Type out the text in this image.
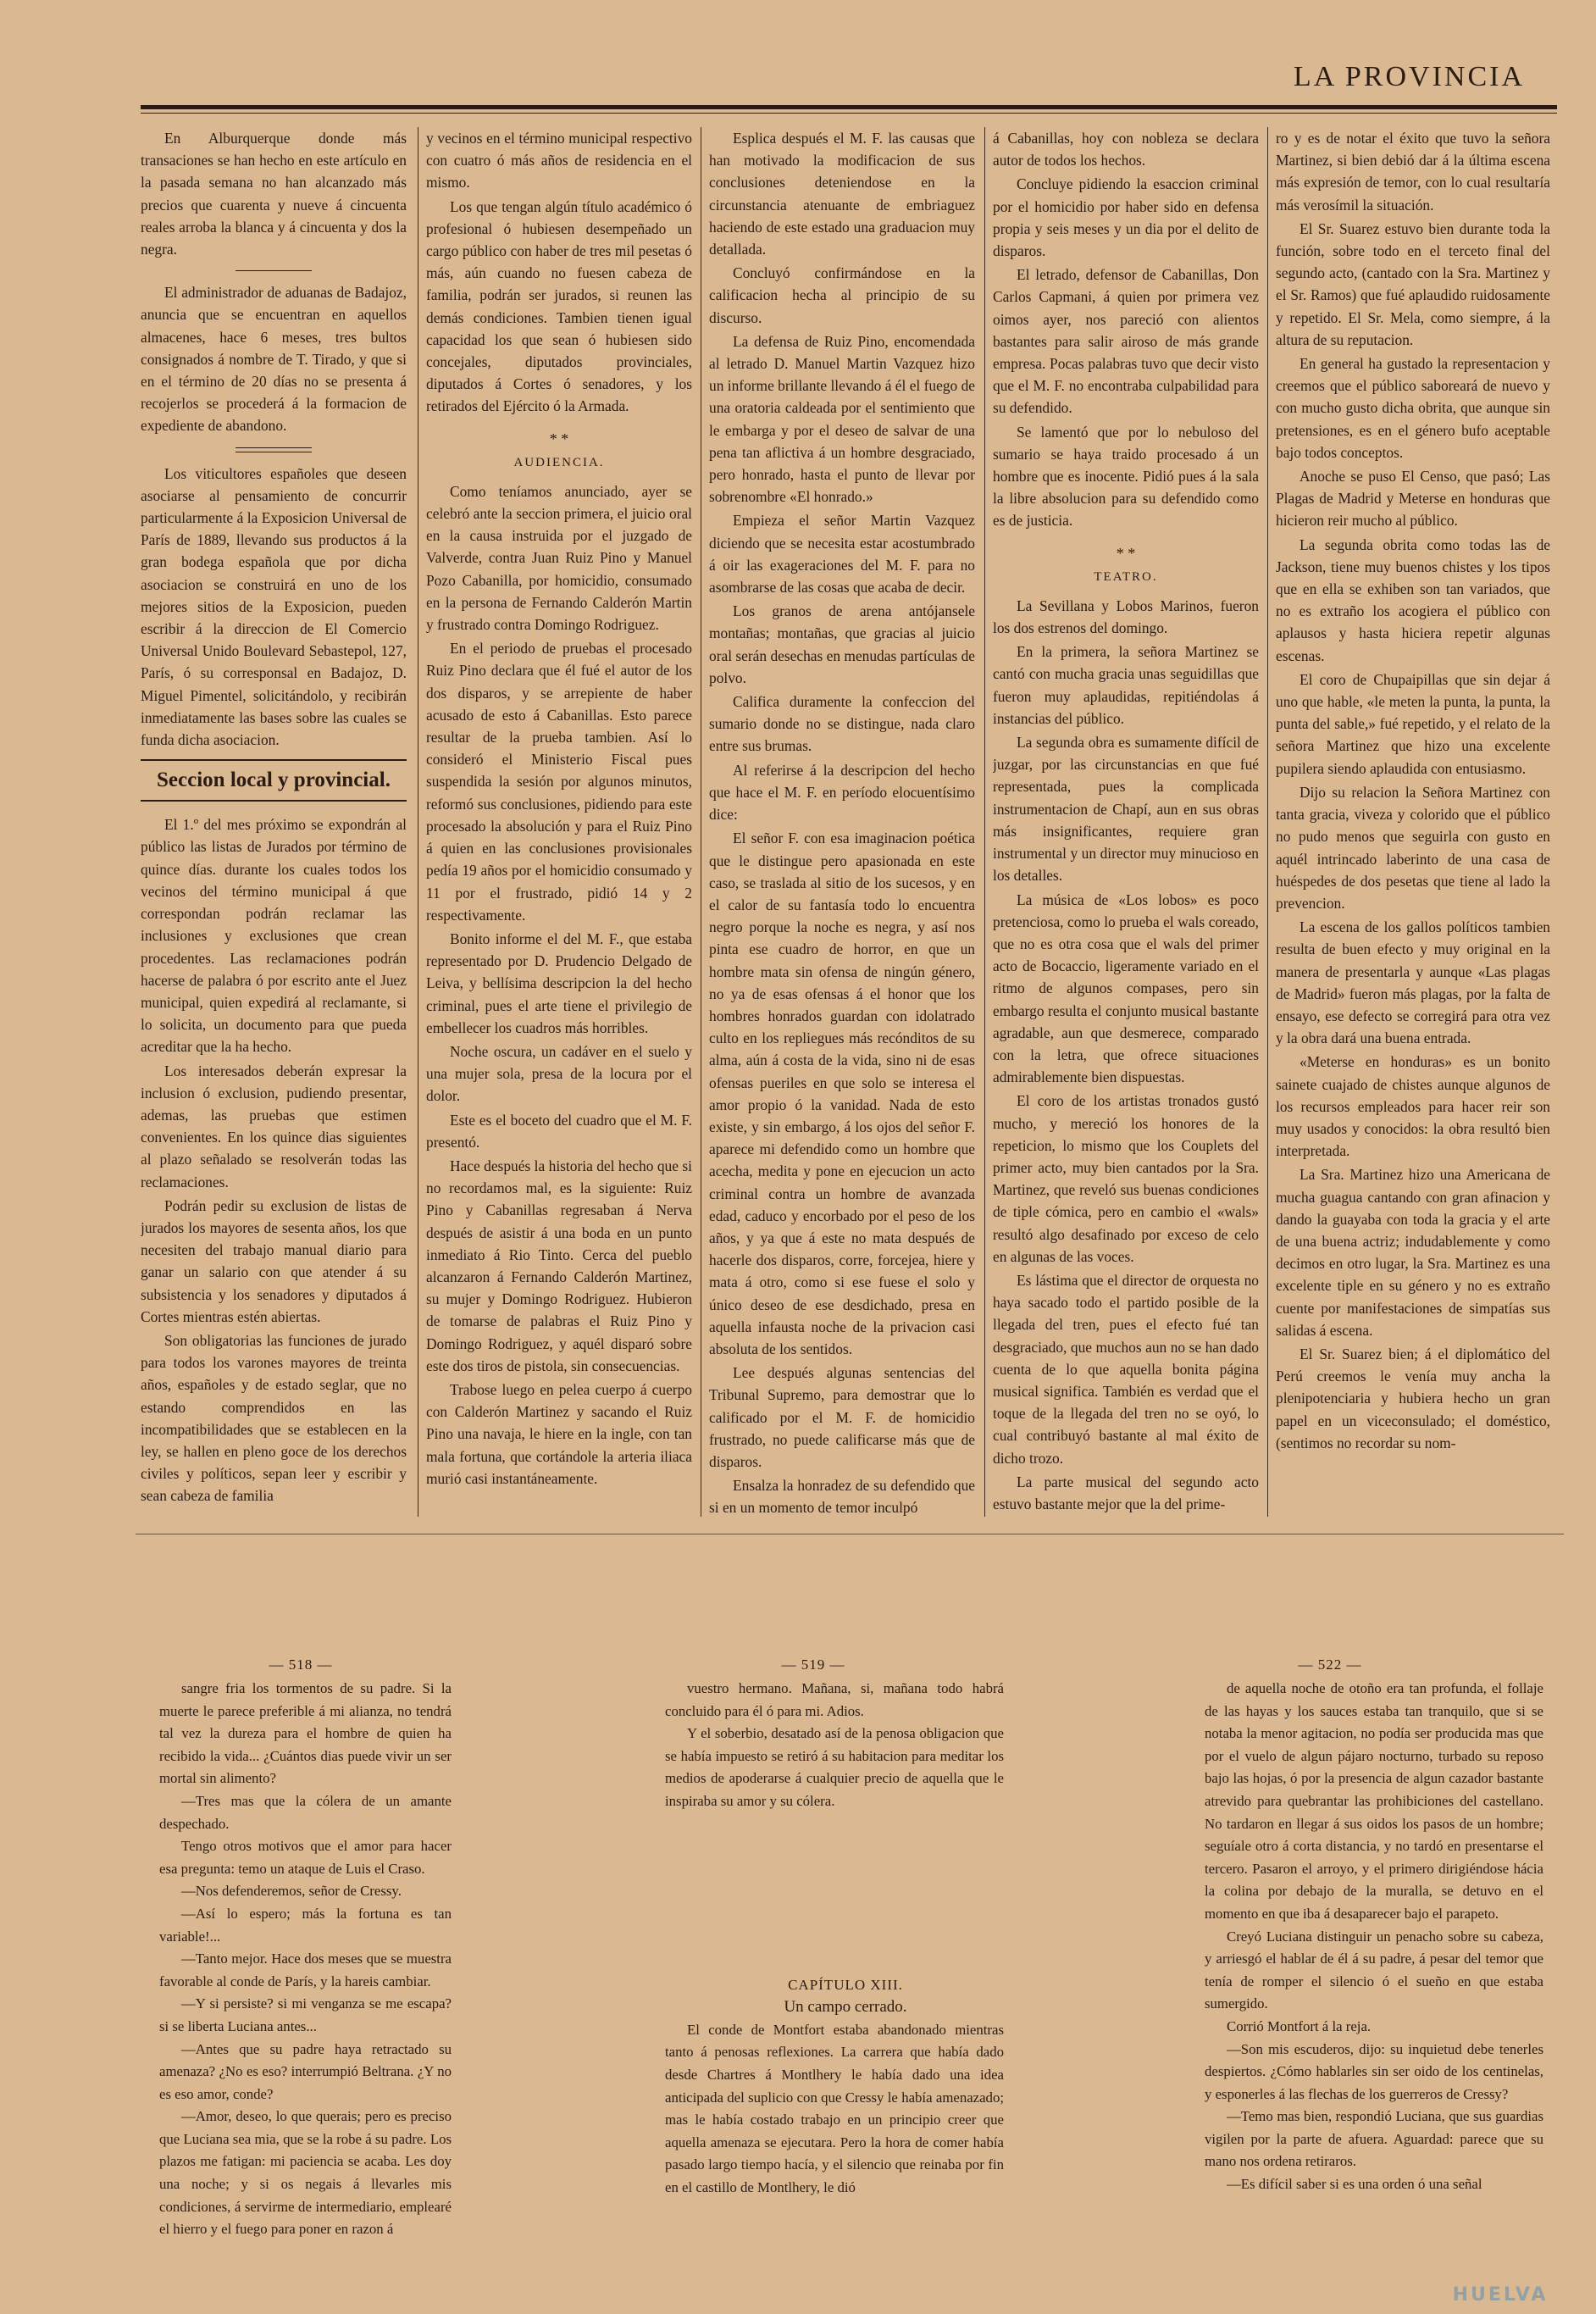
LA PROVINCIA

En Alburquerque donde más transaciones se han hecho en este artículo en la pasada semana no han alcanzado más precios que cuarenta y nueve á cincuenta reales arroba la blanca y á cincuenta y dos la negra.

El administrador de aduanas de Badajoz, anuncia que se encuentran en aquellos almacenes, hace 6 meses, tres bultos consignados á nombre de T. Tirado, y que si en el término de 20 días no se presenta á recojerlos se procederá á la formacion de expediente de abandono.

Los viticultores españoles que deseen asociarse al pensamiento de concurrir particularmente á la Exposicion Universal de París de 1889, llevando sus productos á la gran bodega española que por dicha asociacion se construirá en uno de los mejores sitios de la Exposicion, pueden escribir á la direccion de El Comercio Universal Unido Boulevard Sebastepol, 127, París, ó su corresponsal en Badajoz, D. Miguel Pimentel, solicitándolo, y recibirán inmediatamente las bases sobre las cuales se funda dicha asociacion.

Seccion local y provincial.

El 1.º del mes próximo se expondrán al público las listas de Jurados por término de quince días. durante los cuales todos los vecinos del término municipal á que correspondan podrán reclamar las inclusiones y exclusiones que crean procedentes. Las reclamaciones podrán hacerse de palabra ó por escrito ante el Juez municipal, quien expedirá al reclamante, si lo solicita, un documento para que pueda acreditar que la ha hecho.

Los interesados deberán expresar la inclusion ó exclusion, pudiendo presentar, ademas, las pruebas que estimen convenientes. En los quince dias siguientes al plazo señalado se resolverán todas las reclamaciones.

Podrán pedir su exclusion de listas de jurados los mayores de sesenta años, los que necesiten del trabajo manual diario para ganar un salario con que atender á su subsistencia y los senadores y diputados á Cortes mientras estén abiertas.

Son obligatorias las funciones de jurado para todos los varones mayores de treinta años, españoles y de estado seglar, que no estando comprendidos en las incompatibilidades que se establecen en la ley, se hallen en pleno goce de los derechos civiles y políticos, sepan leer y escribir y sean cabeza de familia

y vecinos en el término municipal respectivo con cuatro ó más años de residencia en el mismo.

Los que tengan algún título académico ó profesional ó hubiesen desempeñado un cargo público con haber de tres mil pesetas ó más, aún cuando no fuesen cabeza de familia, podrán ser jurados, si reunen las demás condiciones. Tambien tienen igual capacidad los que sean ó hubiesen sido concejales, diputados provinciales, diputados á Cortes ó senadores, y los retirados del Ejército ó la Armada.

* *
AUDIENCIA.

Como teníamos anunciado, ayer se celebró ante la seccion primera, el juicio oral en la causa instruida por el juzgado de Valverde, contra Juan Ruiz Pino y Manuel Pozo Cabanilla, por homicidio, consumado en la persona de Fernando Calderón Martin y frustrado contra Domingo Rodriguez.

En el periodo de pruebas el procesado Ruiz Pino declara que él fué el autor de los dos disparos, y se arrepiente de haber acusado de esto á Cabanillas. Esto parece resultar de la prueba tambien. Así lo consideró el Ministerio Fiscal pues suspendida la sesión por algunos minutos, reformó sus conclusiones, pidiendo para este procesado la absolución y para el Ruiz Pino á quien en las conclusiones provisionales pedía 19 años por el homicidio consumado y 11 por el frustrado, pidió 14 y 2 respectivamente.

Bonito informe el del M. F., que estaba representado por D. Prudencio Delgado de Leiva, y bellísima descripcion la del hecho criminal, pues el arte tiene el privilegio de embellecer los cuadros más horribles.

Noche oscura, un cadáver en el suelo y una mujer sola, presa de la locura por el dolor.

Este es el boceto del cuadro que el M. F. presentó.

Hace después la historia del hecho que si no recordamos mal, es la siguiente: Ruiz Pino y Cabanillas regresaban á Nerva después de asistir á una boda en un punto inmediato á Rio Tinto. Cerca del pueblo alcanzaron á Fernando Calderón Martinez, su mujer y Domingo Rodriguez. Hubieron de tomarse de palabras el Ruiz Pino y Domingo Rodriguez, y aquél disparó sobre este dos tiros de pistola, sin consecuencias.

Trabose luego en pelea cuerpo á cuerpo con Calderón Martinez y sacando el Ruiz Pino una navaja, le hiere en la ingle, con tan mala fortuna, que cortándole la arteria iliaca murió casi instantáneamente.

Esplica después el M. F. las causas que han motivado la modificacion de sus conclusiones deteniendose en la circunstancia atenuante de embriaguez haciendo de este estado una graduacion muy detallada.

Concluyó confirmándose en la calificacion hecha al principio de su discurso.

La defensa de Ruiz Pino, encomendada al letrado D. Manuel Martin Vazquez hizo un informe brillante llevando á él el fuego de una oratoria caldeada por el sentimiento que le embarga y por el deseo de salvar de una pena tan aflictiva á un hombre desgraciado, pero honrado, hasta el punto de llevar por sobrenombre «El honrado.»

Empieza el señor Martin Vazquez diciendo que se necesita estar acostumbrado á oir las exageraciones del M. F. para no asombrarse de las cosas que acaba de decir.

Los granos de arena antójansele montañas; montañas, que gracias al juicio oral serán desechas en menudas partículas de polvo.

Califica duramente la confeccion del sumario donde no se distingue, nada claro entre sus brumas.

Al referirse á la descripcion del hecho que hace el M. F. en período elocuentísimo dice:

El señor F. con esa imaginacion poética que le distingue pero apasionada en este caso, se traslada al sitio de los sucesos, y en el calor de su fantasía todo lo encuentra negro porque la noche es negra, y así nos pinta ese cuadro de horror, en que un hombre mata sin ofensa de ningún género, no ya de esas ofensas á el honor que los hombres honrados guardan con idolatrado culto en los repliegues más recónditos de su alma, aún á costa de la vida, sino ni de esas ofensas pueriles en que solo se interesa el amor propio ó la vanidad. Nada de esto existe, y sin embargo, á los ojos del señor F. aparece mi defendido como un hombre que acecha, medita y pone en ejecucion un acto criminal contra un hombre de avanzada edad, caduco y encorbado por el peso de los años, y ya que á este no mata después de hacerle dos disparos, corre, forcejea, hiere y mata á otro, como si ese fuese el solo y único deseo de ese desdichado, presa en aquella infausta noche de la privacion casi absoluta de los sentidos.

Lee después algunas sentencias del Tribunal Supremo, para demostrar que lo calificado por el M. F. de homicidio frustrado, no puede calificarse más que de disparos.

Ensalza la honradez de su defendido que si en un momento de temor inculpó

á Cabanillas, hoy con nobleza se declara autor de todos los hechos.

Concluye pidiendo la esaccion criminal por el homicidio por haber sido en defensa propia y seis meses y un dia por el delito de disparos.

El letrado, defensor de Cabanillas, Don Carlos Capmani, á quien por primera vez oimos ayer, nos pareció con alientos bastantes para salir airoso de más grande empresa. Pocas palabras tuvo que decir visto que el M. F. no encontraba culpabilidad para su defendido.

Se lamentó que por lo nebuloso del sumario se haya traido procesado á un hombre que es inocente. Pidió pues á la sala la libre absolucion para su defendido como es de justicia.

* *
TEATRO.

La Sevillana y Lobos Marinos, fueron los dos estrenos del domingo.

En la primera, la señora Martinez se cantó con mucha gracia unas seguidillas que fueron muy aplaudidas, repitiéndolas á instancias del público.

La segunda obra es sumamente difícil de juzgar, por las circunstancias en que fué representada, pues la complicada instrumentacion de Chapí, aun en sus obras más insignificantes, requiere gran instrumental y un director muy minucioso en los detalles.

La música de «Los lobos» es poco pretenciosa, como lo prueba el wals coreado, que no es otra cosa que el wals del primer acto de Bocaccio, ligeramente variado en el ritmo de algunos compases, pero sin embargo resulta el conjunto musical bastante agradable, aun que desmerece, comparado con la letra, que ofrece situaciones admirablemente bien dispuestas.

El coro de los artistas tronados gustó mucho, y mereció los honores de la repeticion, lo mismo que los Couplets del primer acto, muy bien cantados por la Sra. Martinez, que reveló sus buenas condiciones de tiple cómica, pero en cambio el «wals» resultó algo desafinado por exceso de celo en algunas de las voces.

Es lástima que el director de orquesta no haya sacado todo el partido posible de la llegada del tren, pues el efecto fué tan desgraciado, que muchos aun no se han dado cuenta de lo que aquella bonita página musical significa. También es verdad que el toque de la llegada del tren no se oyó, lo cual contribuyó bastante al mal éxito de dicho trozo.

La parte musical del segundo acto estuvo bastante mejor que la del prime-

ro y es de notar el éxito que tuvo la señora Martinez, si bien debió dar á la última escena más expresión de temor, con lo cual resultaría más verosímil la situación.

El Sr. Suarez estuvo bien durante toda la función, sobre todo en el terceto final del segundo acto, (cantado con la Sra. Martinez y el Sr. Ramos) que fué aplaudido ruidosamente y repetido. El Sr. Mela, como siempre, á la altura de su reputacion.

En general ha gustado la representacion y creemos que el público saboreará de nuevo y con mucho gusto dicha obrita, que aunque sin pretensiones, es en el género bufo aceptable bajo todos conceptos.

Anoche se puso El Censo, que pasó; Las Plagas de Madrid y Meterse en honduras que hicieron reir mucho al público.

La segunda obrita como todas las de Jackson, tiene muy buenos chistes y los tipos que en ella se exhiben son tan variados, que no es extraño los acogiera el público con aplausos y hasta hiciera repetir algunas escenas.

El coro de Chupaipillas que sin dejar á uno que hable, «le meten la punta, la punta, la punta del sable,» fué repetido, y el relato de la señora Martinez que hizo una excelente pupilera siendo aplaudida con entusiasmo.

Dijo su relacion la Señora Martinez con tanta gracia, viveza y colorido que el público no pudo menos que seguirla con gusto en aquél intrincado laberinto de una casa de huéspedes de dos pesetas que tiene al lado la prevencion.

La escena de los gallos políticos tambien resulta de buen efecto y muy original en la manera de presentarla y aunque «Las plagas de Madrid» fueron más plagas, por la falta de ensayo, ese defecto se corregirá para otra vez y la obra dará una buena entrada.

«Meterse en honduras» es un bonito sainete cuajado de chistes aunque algunos de los recursos empleados para hacer reir son muy usados y conocidos: la obra resultó bien interpretada.

La Sra. Martinez hizo una Americana de mucha guagua cantando con gran afinacion y dando la guayaba con toda la gracia y el arte de una buena actriz; indudablemente y como decimos en otro lugar, la Sra. Martinez es una excelente tiple en su género y no es extraño cuente por manifestaciones de simpatías sus salidas á escena.

El Sr. Suarez bien; á el diplomático del Perú creemos le venía muy ancha la plenipotenciaria y hubiera hecho un gran papel en un viceconsulado; el doméstico, (sentimos no recordar su nom-

— 518 —	— 519 —	— 522 —

sangre fria los tormentos de su padre. Si la muerte le parece preferible á mi alianza, no tendrá tal vez la dureza para el hombre de quien ha recibido la vida... ¿Cuántos dias puede vivir un ser mortal sin alimento?

—Tres mas que la cólera de un amante despechado.

Tengo otros motivos que el amor para hacer esa pregunta: temo un ataque de Luis el Craso.

—Nos defenderemos, señor de Cressy.

—Así lo espero; más la fortuna es tan variable!...

—Tanto mejor. Hace dos meses que se muestra favorable al conde de París, y la hareis cambiar.

—Y si persiste? si mi venganza se me escapa? si se liberta Luciana antes...

—Antes que su padre haya retractado su amenaza? ¿No es eso? interrumpió Beltrana. ¿Y no es eso amor, conde?

—Amor, deseo, lo que querais; pero es preciso que Luciana sea mia, que se la robe á su padre. Los plazos me fatigan: mi paciencia se acaba. Les doy una noche; y si os negais á llevarles mis condiciones, á servirme de intermediario, emplearé el hierro y el fuego para poner en razon á

vuestro hermano. Mañana, si, mañana todo habrá concluido para él ó para mi. Adios.

Y el soberbio, desatado así de la penosa obligacion que se había impuesto se retiró á su habitacion para meditar los medios de apoderarse á cualquier precio de aquella que le inspiraba su amor y su cólera.

CAPÍTULO XIII.

Un campo cerrado.

El conde de Montfort estaba abandonado mientras tanto á penosas reflexiones. La carrera que había dado desde Chartres á Montlhery le había dado una idea anticipada del suplicio con que Cressy le había amenazado; mas le había costado trabajo en un principio creer que aquella amenaza se ejecutara. Pero la hora de comer había pasado largo tiempo hacía, y el silencio que reinaba por fin en el castillo de Montlhery, le dió

de aquella noche de otoño era tan profunda, el follaje de las hayas y los sauces estaba tan tranquilo, que si se notaba la menor agitacion, no podía ser producida mas que por el vuelo de algun pájaro nocturno, turbado su reposo bajo las hojas, ó por la presencia de algun cazador bastante atrevido para quebrantar las prohibiciones del castellano. No tardaron en llegar á sus oidos los pasos de un hombre; seguíale otro á corta distancia, y no tardó en presentarse el tercero. Pasaron el arroyo, y el primero dirigiéndose hácia la colina por debajo de la muralla, se detuvo en el momento en que iba á desaparecer bajo el parapeto.

Creyó Luciana distinguir un penacho sobre su cabeza, y arriesgó el hablar de él á su padre, á pesar del temor que tenía de romper el silencio ó el sueño en que estaba sumergido.

Corrió Montfort á la reja.

—Son mis escuderos, dijo: su inquietud debe tenerles despiertos. ¿Cómo hablarles sin ser oido de los centinelas, y esponerles á las flechas de los guerreros de Cressy?

—Temo mas bien, respondió Luciana, que sus guardias vigilen por la parte de afuera. Aguardad: parece que su mano nos ordena retiraros.

—Es difícil saber si es una orden ó una señal

HUELVA
